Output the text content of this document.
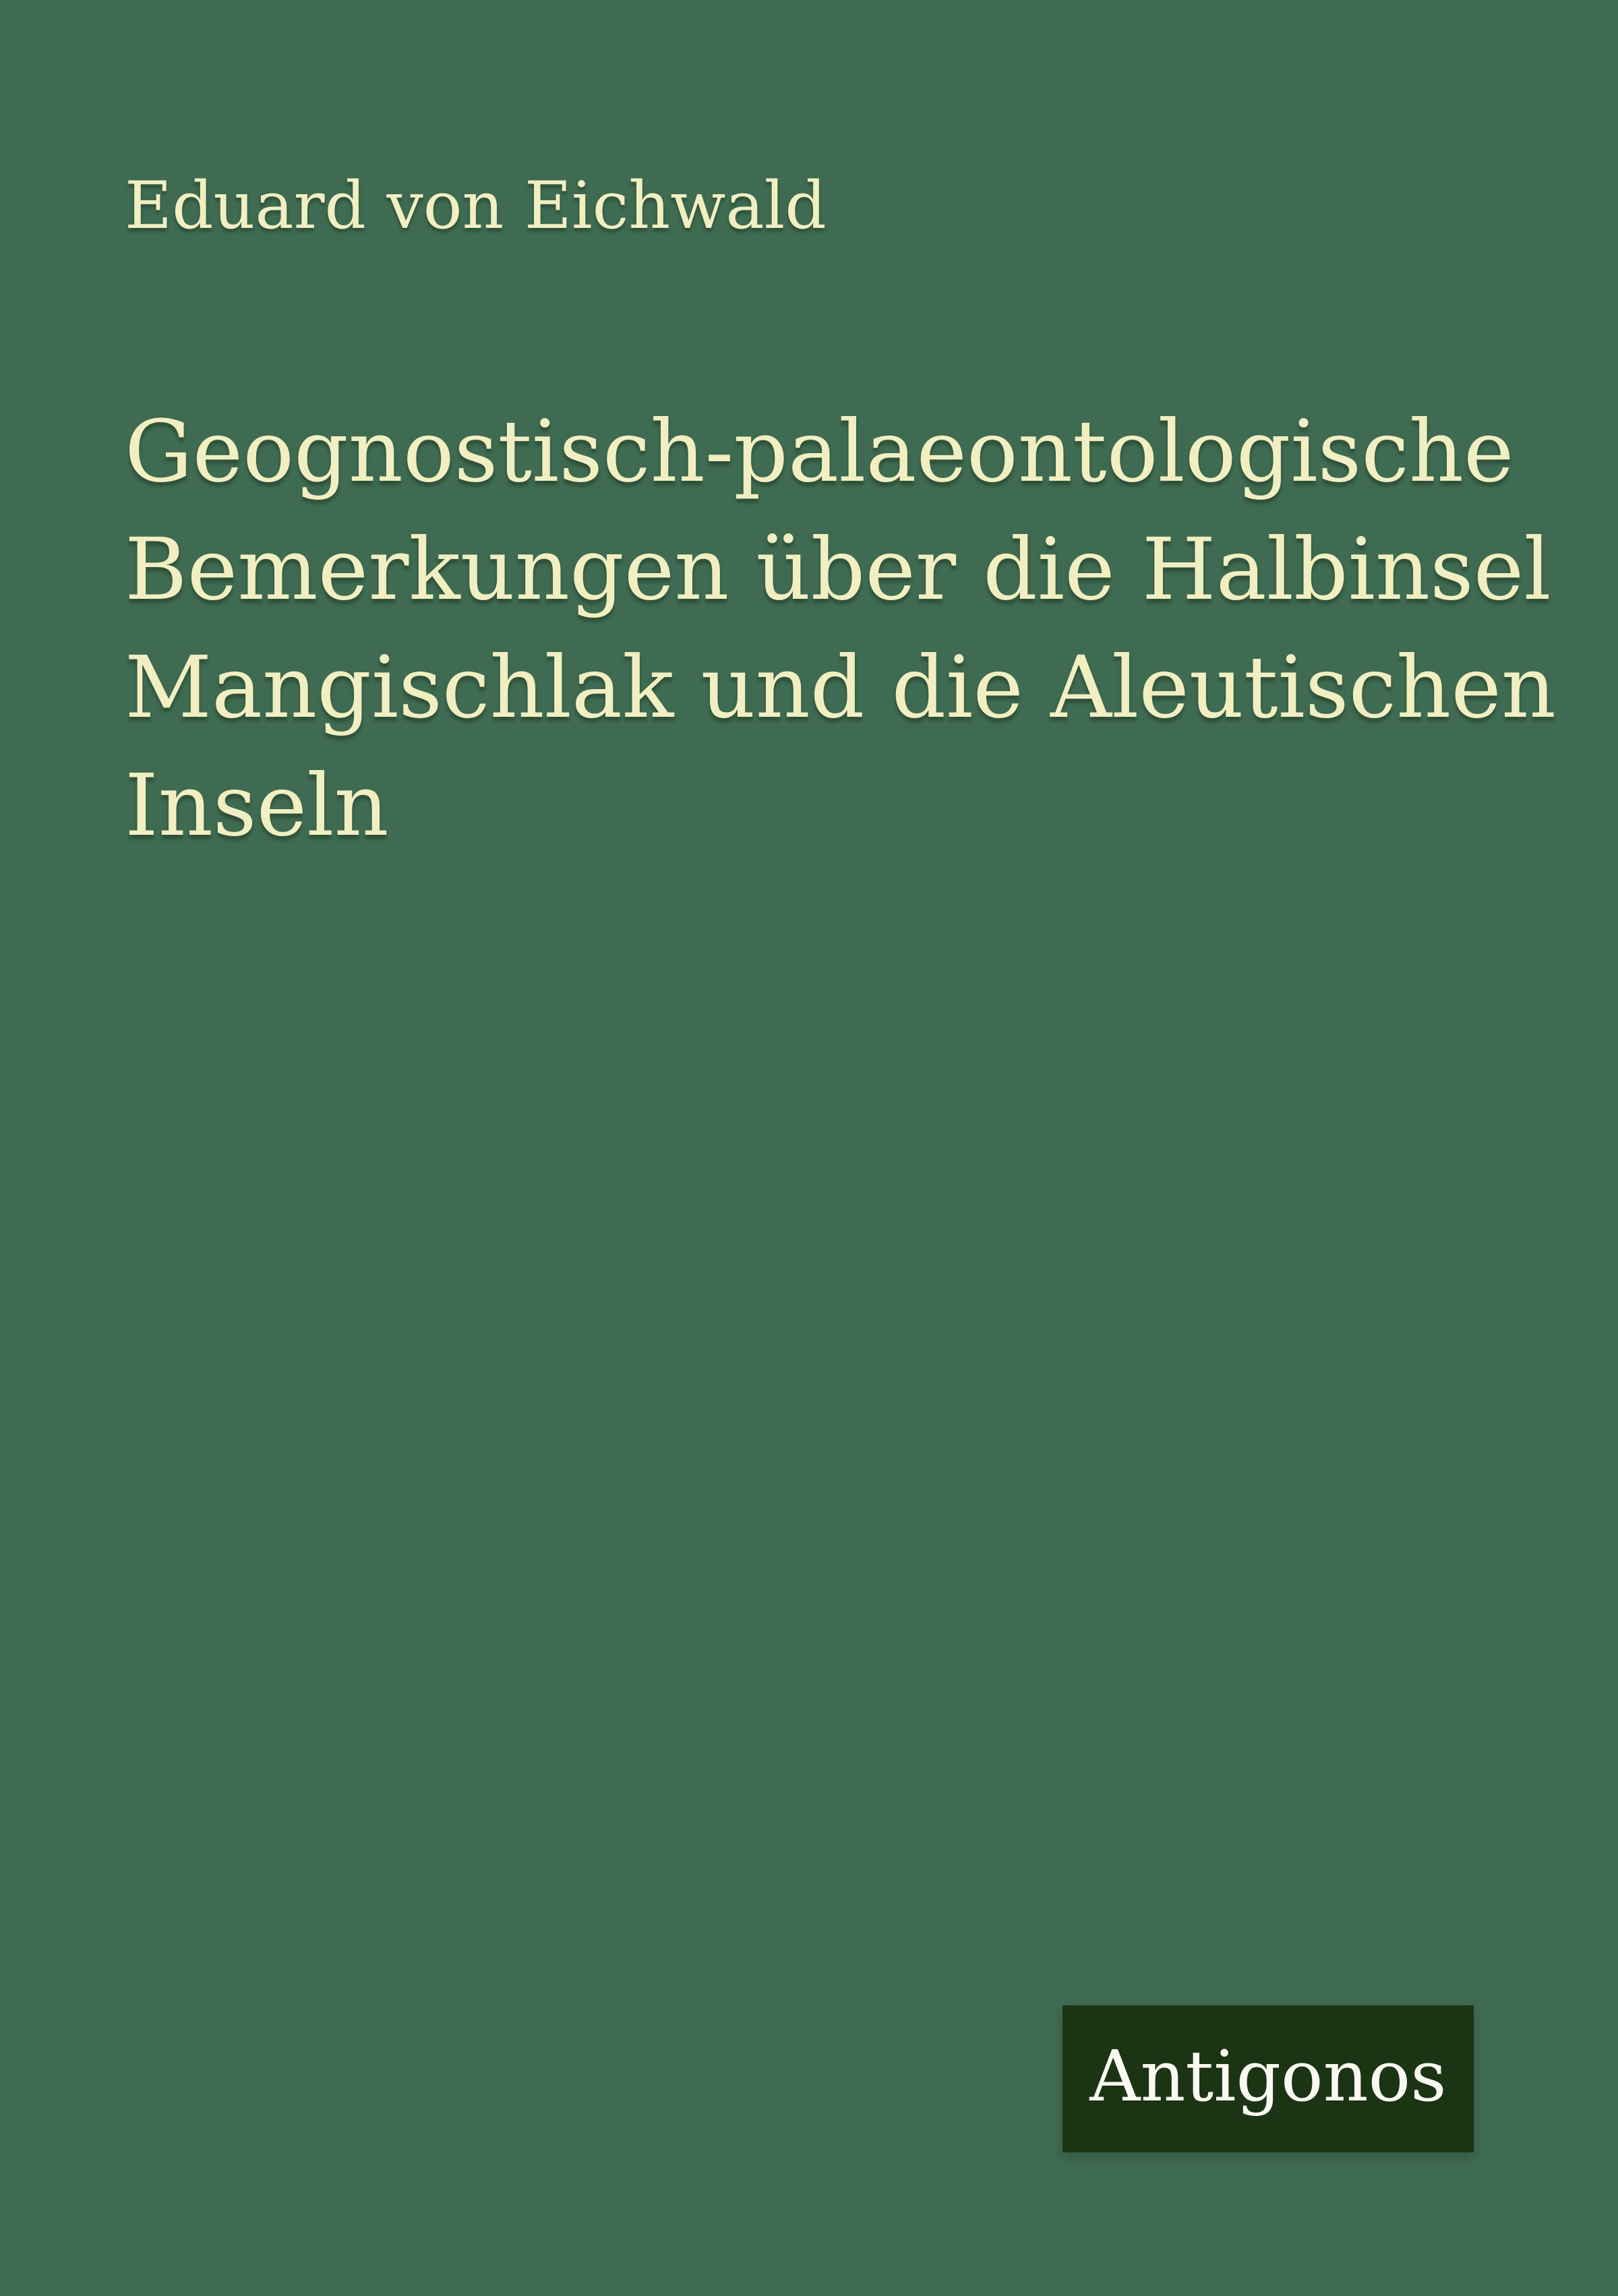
Eduard von Eichwald
Geognostisch-palaeontologische
Bemerkungen über die Halbinsel
Mangischlak und die Aleutischen
Inseln
Antigonos
